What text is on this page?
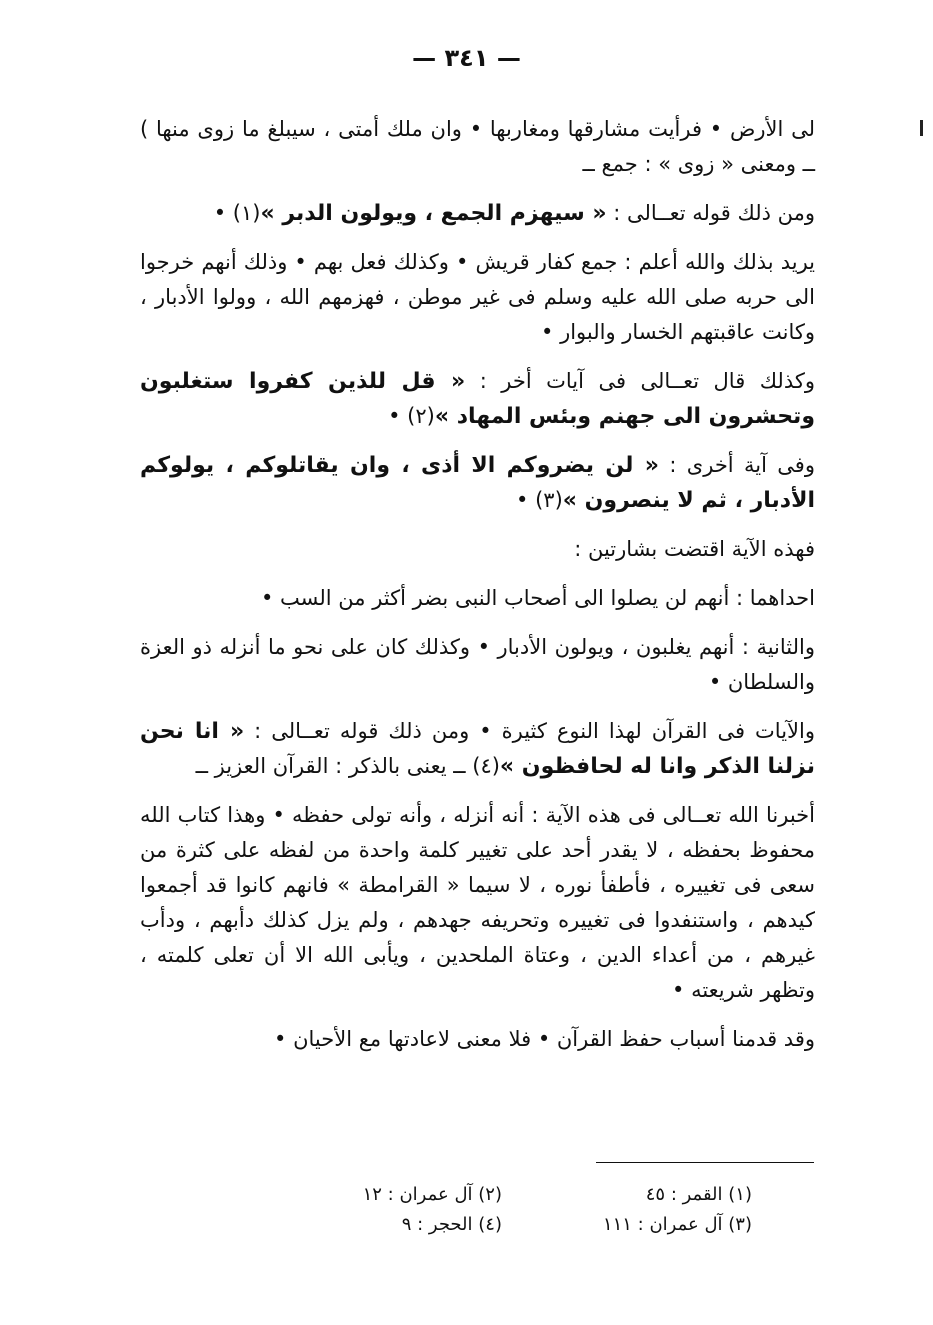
— ٣٤١ —

لى الأرض • فرأيت مشارقها ومغاربها • وان ملك أمتى ، سيبلغ ما زوى منها ) ــ ومعنى « زوى » : جمع ــ

ومن ذلك قوله تعــالى : « سيهزم الجمع ، ويولون الدبر »(١) •

يريد بذلك والله أعلم : جمع كفار قريش • وكذلك فعل بهم • وذلك أنهم خرجوا الى حربه صلى الله عليه وسلم فى غير موطن ، فهزمهم الله ، وولوا الأدبار ، وكانت عاقبتهم الخسار والبوار •

وكذلك قال تعــالى فى آيات أخر : « قل للذين كفروا ستغلبون وتحشرون الى جهنم وبئس المهاد »(٢) •

وفى آية أخرى : « لن يضروكم الا أذى ، وان يقاتلوكم ، يولوكم الأدبار ، ثم لا ينصرون »(٣) •

فهذه الآية اقتضت بشارتين :

احداهما : أنهم لن يصلوا الى أصحاب النبى بضر أكثر من السب •

والثانية : أنهم يغلبون ، ويولون الأدبار • وكذلك كان على نحو ما أنزله ذو العزة والسلطان •

والآيات فى القرآن لهذا النوع كثيرة • ومن ذلك قوله تعــالى : « انا نحن نزلنا الذكر وانا له لحافظون »(٤) ــ يعنى بالذكر : القرآن العزيز ــ

أخبرنا الله تعــالى فى هذه الآية : أنه أنزله ، وأنه تولى حفظه • وهذا كتاب الله محفوظ بحفظه ، لا يقدر أحد على تغيير كلمة واحدة من لفظه على كثرة من سعى فى تغييره ، فأطفأ نوره ، لا سيما « القرامطة » فانهم كانوا قد أجمعوا كيدهم ، واستنفدوا فى تغييره وتحريفه جهدهم ، ولم يزل كذلك دأبهم ، ودأب غيرهم ، من أعداء الدين ، وعتاة الملحدين ، ويأبى الله الا أن تعلى كلمته ، وتظهر شريعته •

وقد قدمنا أسباب حفظ القرآن • فلا معنى لاعادتها مع الأحيان •

(١) القمر : ٤٥
(٢) آل عمران : ١٢
(٣) آل عمران : ١١١
(٤) الحجر : ٩
